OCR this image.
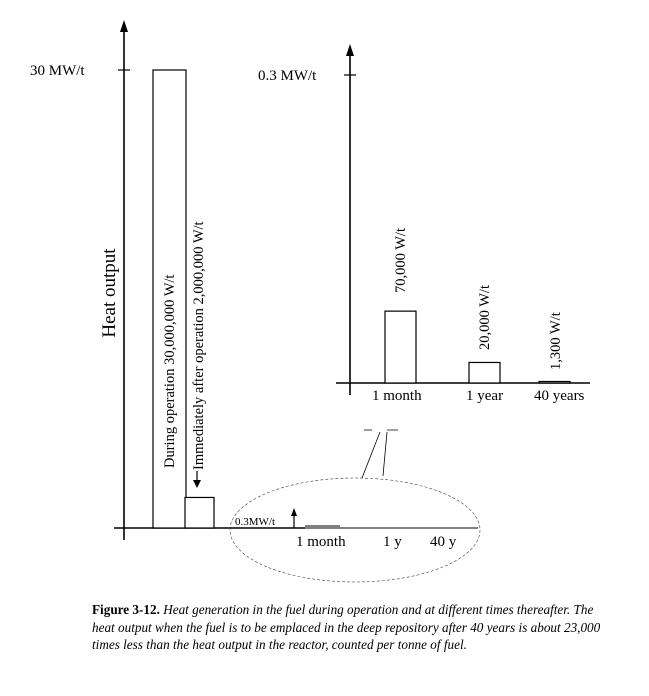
30 MW/t
Heat output	During operation 30,000,000 W/t Immediately after operation 2,000,000 W/t
0.3MW/t
1 month 1 y 40 y
0.3 MW/t
70,000 W/t
20,000 W/t	1,300 W/t
1 month	1 year 40 years
Figure 3-12. Heat generation in the fuel during operation and at different times thereafter. The heat output when the fuel is to be emplaced in the deep repository after 40 years is about 23,000 times less than the heat output in the reactor, counted per tonne of fuel.
